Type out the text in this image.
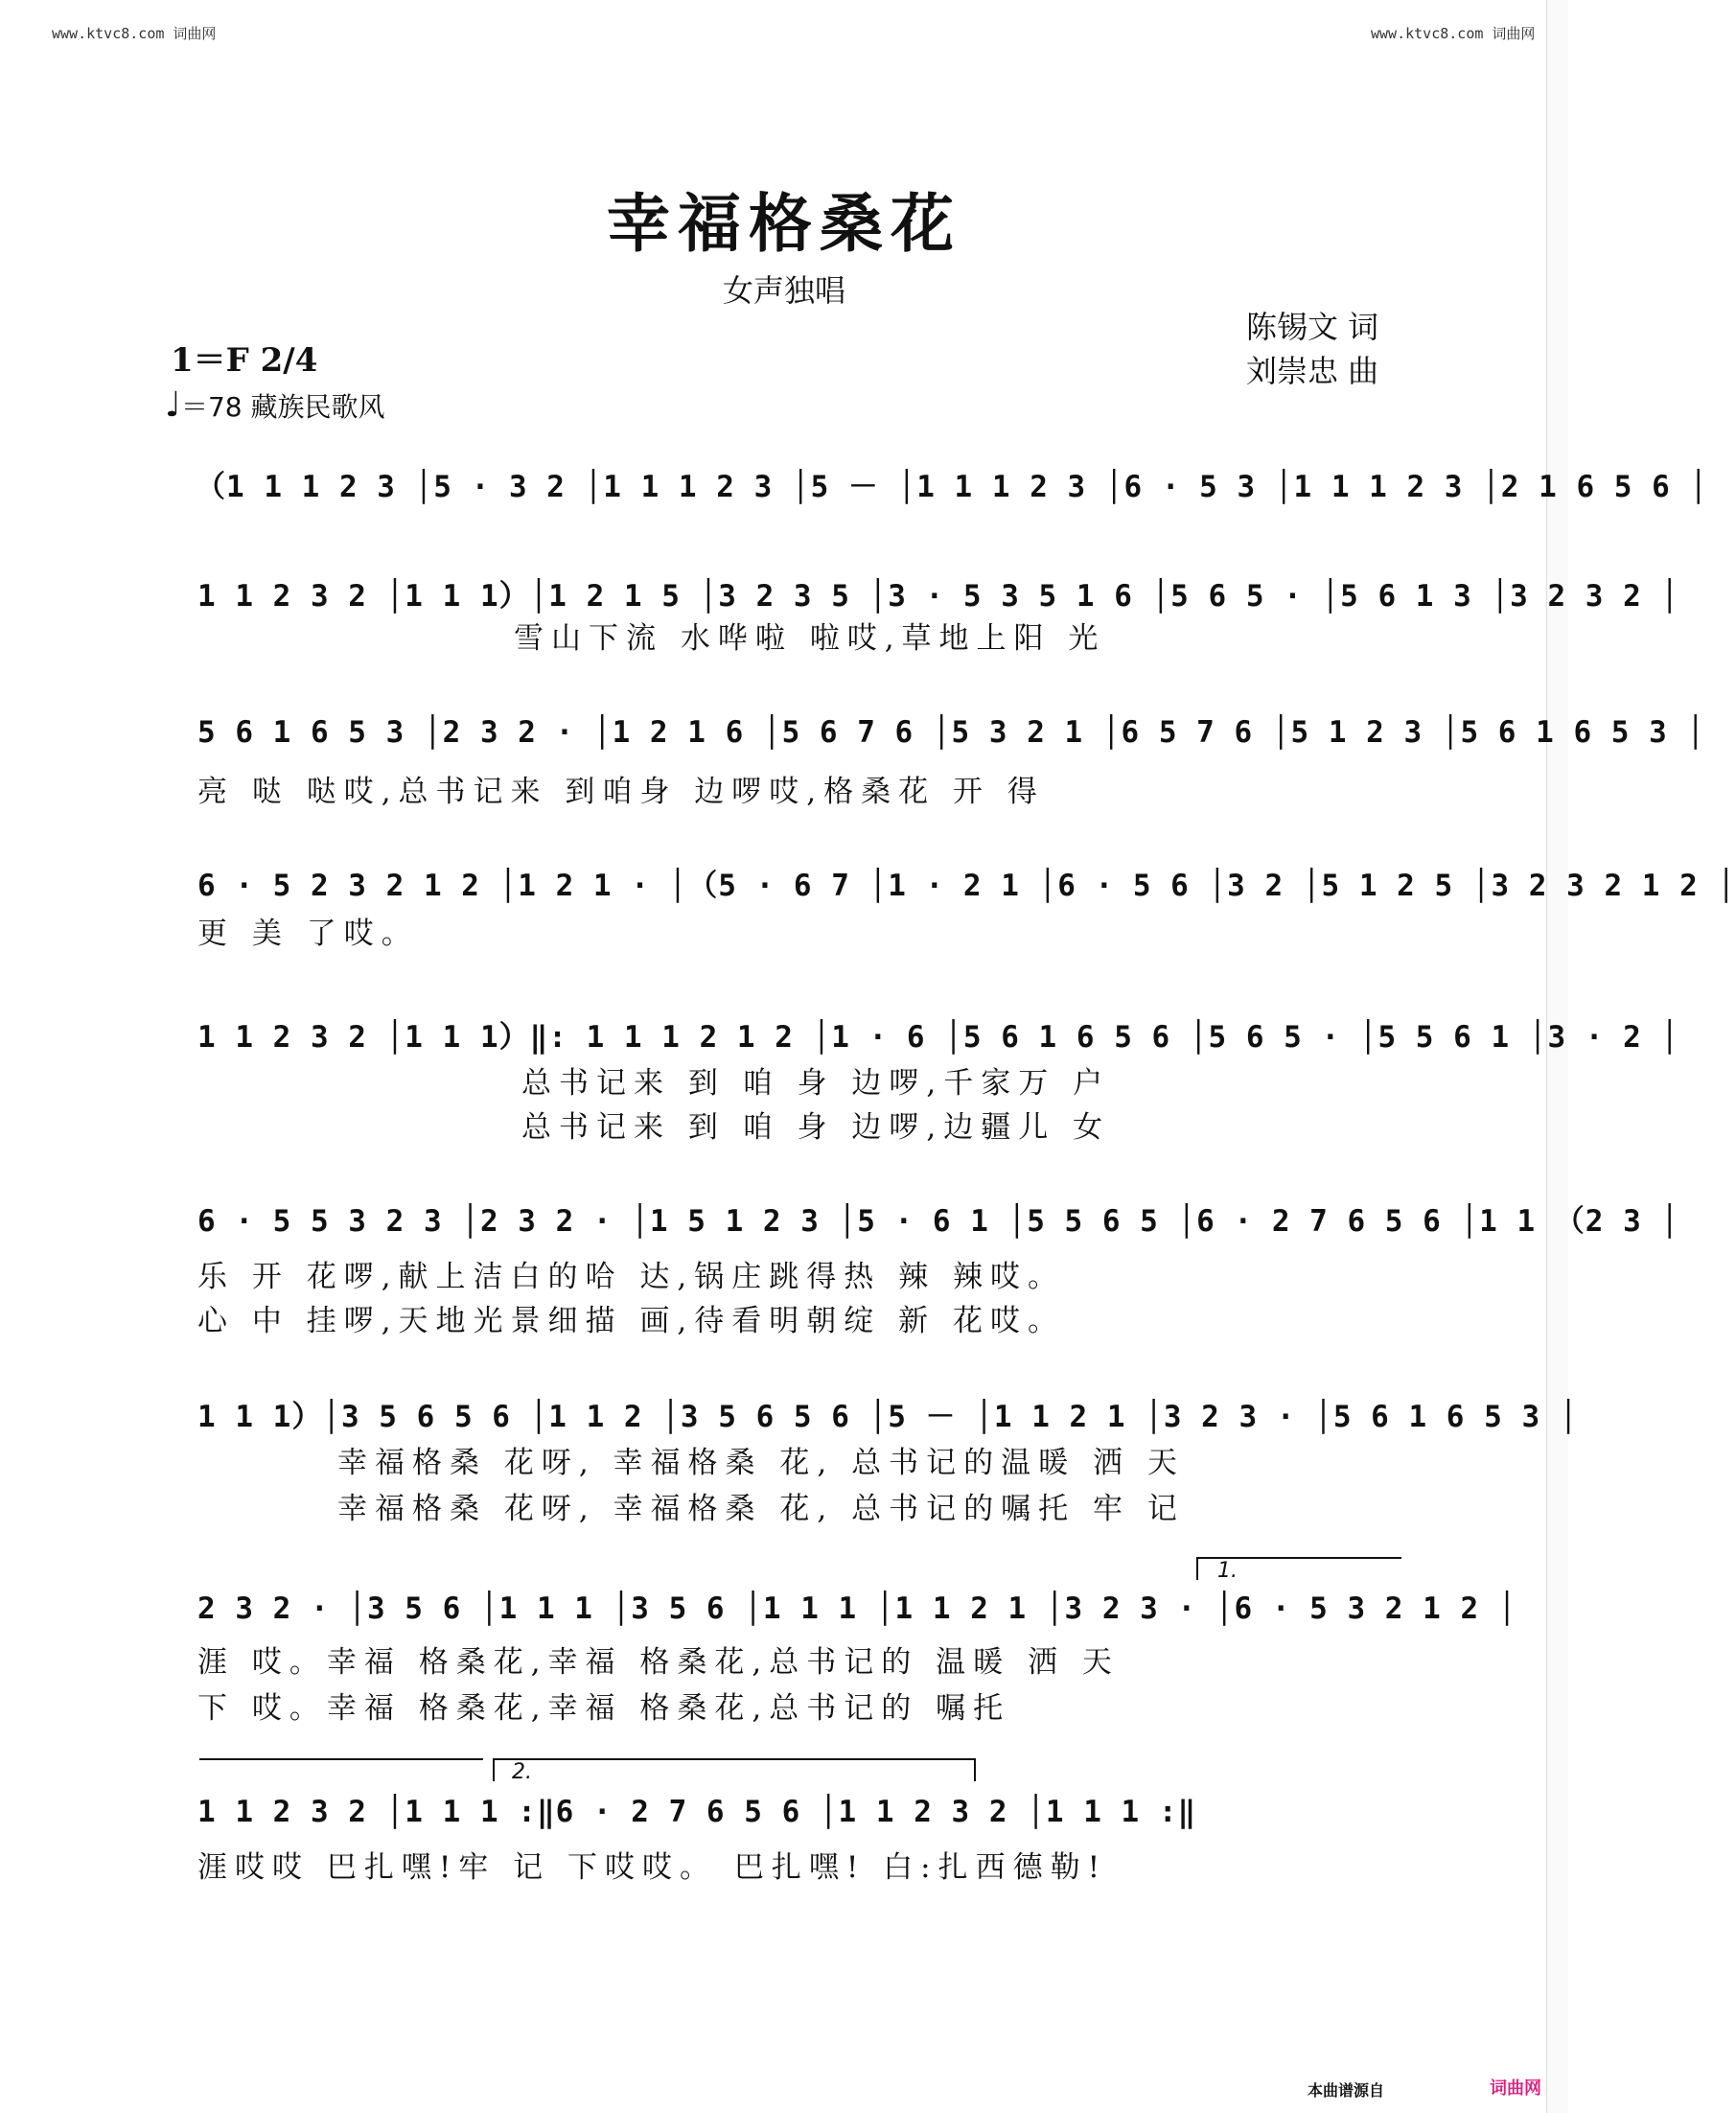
www.ktvc8.com 词曲网	www.ktvc8.com 词曲网
幸福格桑花
女声独唱
陈锡文 词
刘崇忠 曲
1＝F 2/4
♩＝78 藏族民歌风
（1 1 1 2 3 │5 · 3 2 │1 1 1 2 3 │5 － │1 1 1 2 3 │6 · 5 3 │1 1 1 2 3 │2 1 6 5 6 │
1 1 2 3 2 │1 1 1）│1 2 1 5 │3 2 3 5 │3 · 5 3 5 1 6 │5 6 5 · │5 6 1 3 │3 2 3 2 │
雪山下流 水哗啦 啦哎,草地上阳 光
5 6 1 6 5 3 │2 3 2 · │1 2 1 6 │5 6 7 6 │5 3 2 1 │6 5 7 6 │5 1 2 3 │5 6 1 6 5 3 │
亮 哒 哒哎,总书记来 到咱身 边啰哎,格桑花 开 得
6 · 5 2 3 2 1 2 │1 2 1 · │（5 · 6 7 │1 · 2 1 │6 · 5 6 │3 2 │5 1 2 5 │3 2 3 2 1 2 │
更 美 了哎。
1 1 2 3 2 │1 1 1）‖: 1 1 1 2 1 2 │1 · 6 │5 6 1 6 5 6 │5 6 5 · │5 5 6 1 │3 · 2 │
总书记来 到 咱 身 边啰,千家万 户
总书记来 到 咱 身 边啰,边疆儿 女
6 · 5 5 3 2 3 │2 3 2 · │1 5 1 2 3 │5 · 6 1 │5 5 6 5 │6 · 2 7 6 5 6 │1 1 （2 3 │
乐 开 花啰,献上洁白的哈 达,锅庄跳得热 辣 辣哎。
心 中 挂啰,天地光景细描 画,待看明朝绽 新 花哎。
1 1 1）│3 5 6 5 6 │1 1 2 │3 5 6 5 6 │5 － │1 1 2 1 │3 2 3 · │5 6 1 6 5 3 │
幸福格桑 花呀, 幸福格桑 花, 总书记的温暖 洒 天
幸福格桑 花呀, 幸福格桑 花, 总书记的嘱托 牢 记
1.
2 3 2 · │3 5 6 │1 1 1 │3 5 6 │1 1 1 │1 1 2 1 │3 2 3 · │6 · 5 3 2 1 2 │
涯 哎。幸福 格桑花,幸福 格桑花,总书记的 温暖 洒 天
下 哎。幸福 格桑花,幸福 格桑花,总书记的 嘱托
2.
1 1 2 3 2 │1 1 1 :‖6 · 2 7 6 5 6 │1 1 2 3 2 │1 1 1 :‖
涯哎哎 巴扎嘿!牢 记 下哎哎。 巴扎嘿! 白:扎西德勒!
本曲谱源自	词曲网
